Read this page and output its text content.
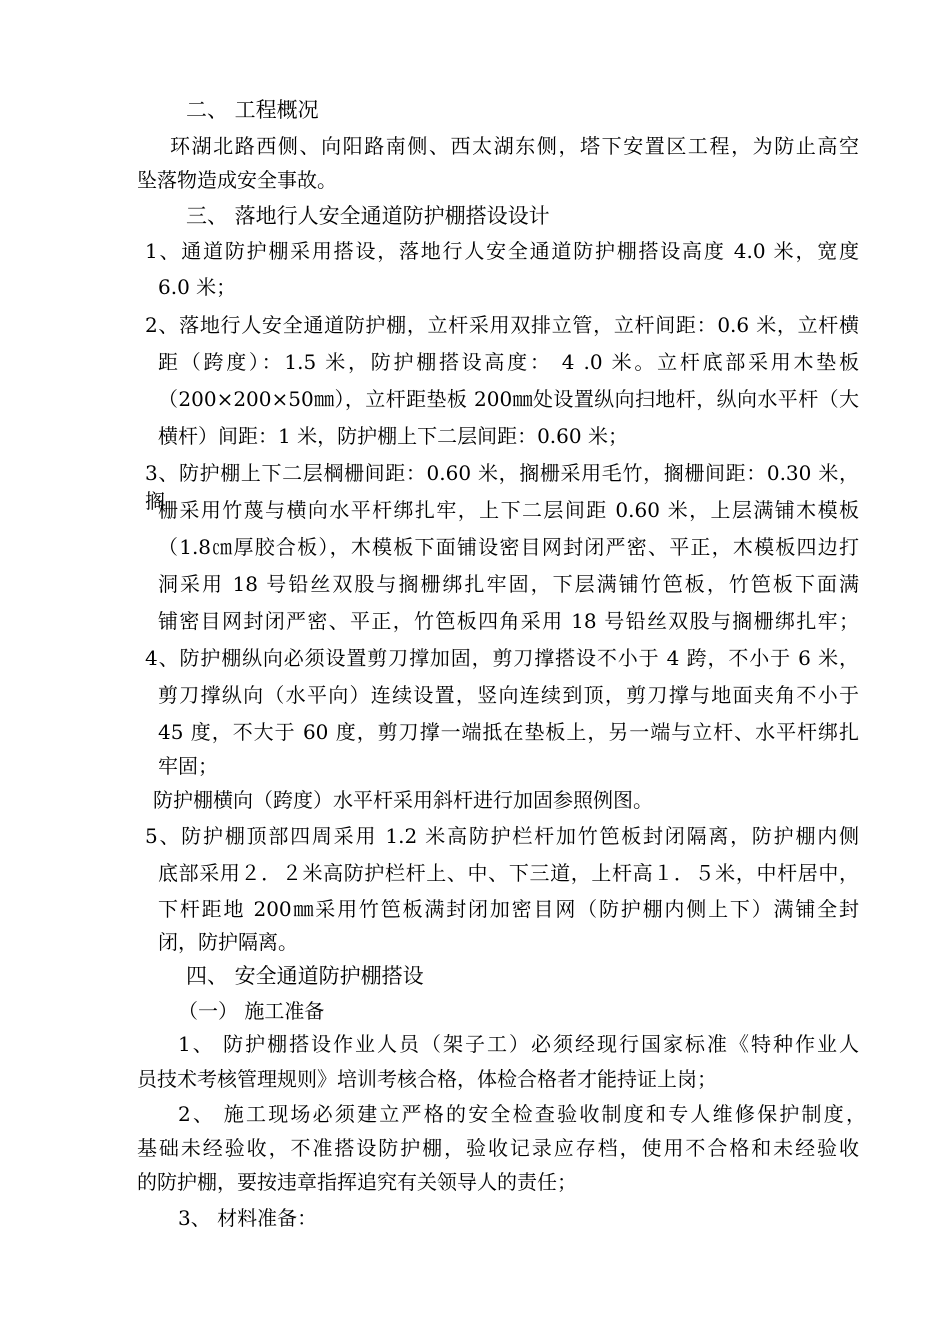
二、 工程概况
环湖北路西侧、向阳路南侧、西太湖东侧，塔下安置区工程，为防止高空
坠落物造成安全事故。
三、 落地行人安全通道防护棚搭设设计
1、通道防护棚采用搭设，落地行人安全通道防护棚搭设高度 4.0 米，宽度
6.0 米；
2、落地行人安全通道防护棚，立杆采用双排立管，立杆间距：0.6 米，立杆横
距（跨度）：1.5 米，防护棚搭设高度： 4 .0 米。立杆底部采用木垫板
（200×200×50㎜），立杆距垫板 200㎜处设置纵向扫地杆，纵向水平杆（大
横杆）间距：1 米，防护棚上下二层间距：0.60 米；
3、防护棚上下二层棡栅间距：0.60 米，搁栅采用毛竹，搁栅间距：0.30 米，搁
栅采用竹蔑与横向水平杆绑扎牢，上下二层间距 0.60 米，上层满铺木模板
（1.8㎝厚胶合板），木模板下面铺设密目网封闭严密、平正，木模板四边打
洞采用 18 号铅丝双股与搁栅绑扎牢固，下层满铺竹笆板，竹笆板下面满
铺密目网封闭严密、平正，竹笆板四角采用 18 号铅丝双股与搁栅绑扎牢；
4、防护棚纵向必须设置剪刀撑加固，剪刀撑搭设不小于 4 跨，不小于 6 米，
剪刀撑纵向（水平向）连续设置，竖向连续到顶，剪刀撑与地面夹角不小于
45 度，不大于 60 度，剪刀撑一端抵在垫板上，另一端与立杆、水平杆绑扎
牢固；
防护棚横向（跨度）水平杆采用斜杆进行加固参照例图。
5、防护棚顶部四周采用 1.2 米高防护栏杆加竹笆板封闭隔离，防护棚内侧
底部采用２．２米高防护栏杆上、中、下三道，上杆高１．５米，中杆居中，
下杆距地 200㎜采用竹笆板满封闭加密目网（防护棚内侧上下）满铺全封
闭，防护隔离。
四、 安全通道防护棚搭设
（一） 施工准备
1、 防护棚搭设作业人员（架子工）必须经现行国家标准《特种作业人
员技术考核管理规则》培训考核合格，体检合格者才能持证上岗；
2、 施工现场必须建立严格的安全检查验收制度和专人维修保护制度，
基础未经验收，不准搭设防护棚，验收记录应存档，使用不合格和未经验收
的防护棚，要按违章指挥追究有关领导人的责任；
3、 材料准备：
